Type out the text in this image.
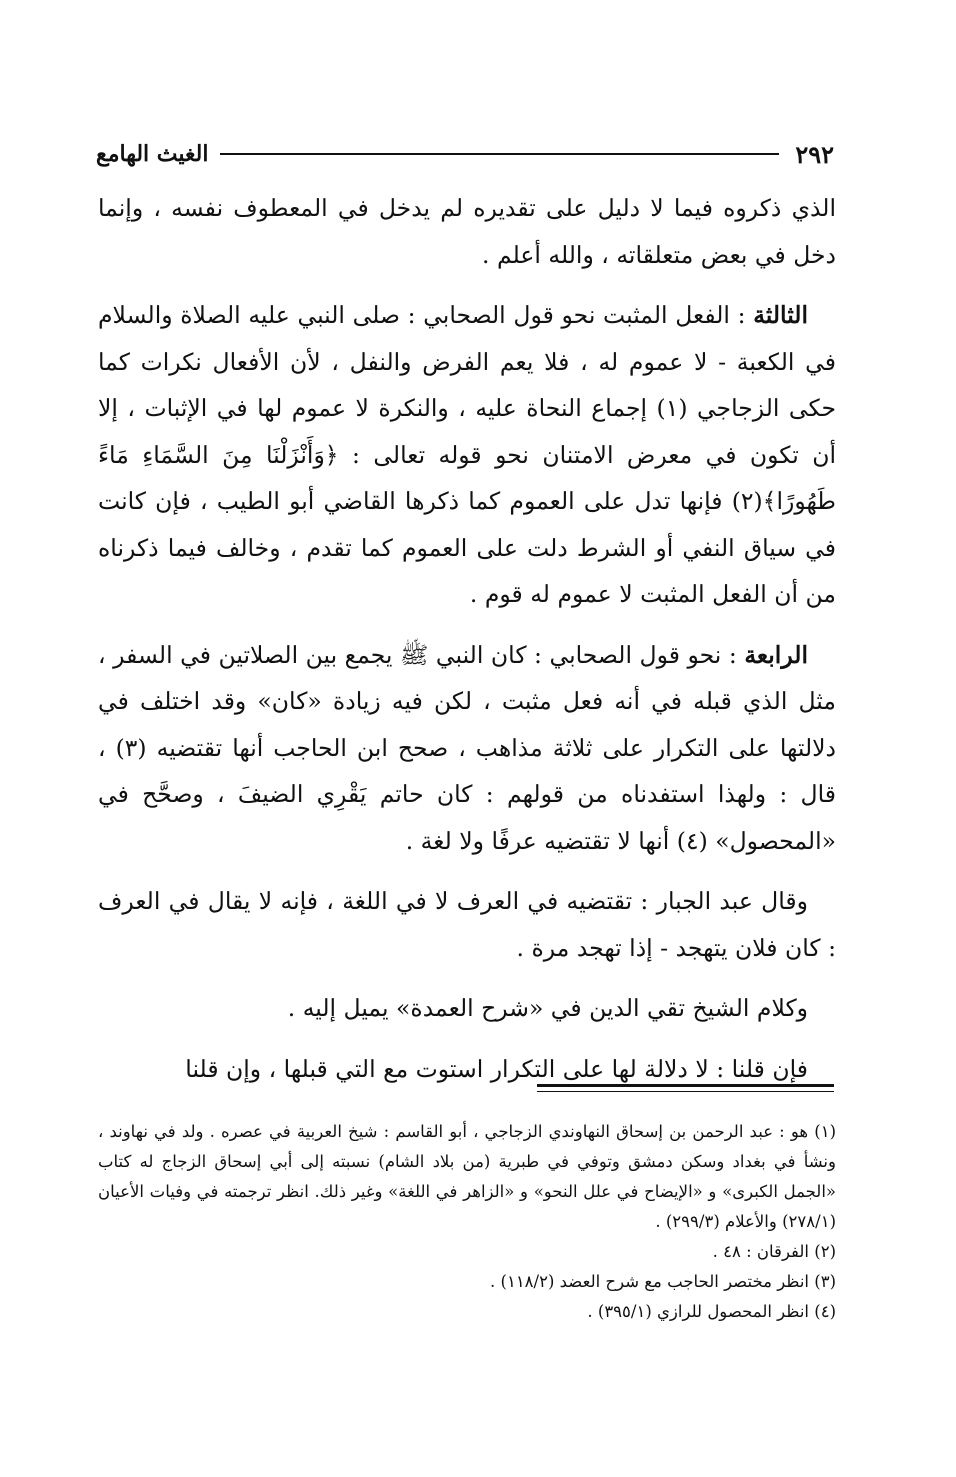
٢٩٢
الغيث الهامع

الذي ذكروه فيما لا دليل على تقديره لم يدخل في المعطوف نفسه ، وإنما دخل في بعض متعلقاته ، والله أعلم .

الثالثة : الفعل المثبت نحو قول الصحابي : صلى النبي عليه الصلاة والسلام في الكعبة - لا عموم له ، فلا يعم الفرض والنفل ، لأن الأفعال نكرات كما حكى الزجاجي (١) إجماع النحاة عليه ، والنكرة لا عموم لها في الإثبات ، إلا أن تكون في معرض الامتنان نحو قوله تعالى : ﴿وَأَنْزَلْنَا مِنَ السَّمَاءِ مَاءً طَهُورًا﴾(٢) فإنها تدل على العموم كما ذكرها القاضي أبو الطيب ، فإن كانت في سياق النفي أو الشرط دلت على العموم كما تقدم ، وخالف فيما ذكرناه من أن الفعل المثبت لا عموم له قوم .

الرابعة : نحو قول الصحابي : كان النبي ﷺ يجمع بين الصلاتين في السفر ، مثل الذي قبله في أنه فعل مثبت ، لكن فيه زيادة «كان» وقد اختلف في دلالتها على التكرار على ثلاثة مذاهب ، صحح ابن الحاجب أنها تقتضيه (٣) ، قال : ولهذا استفدناه من قولهم : كان حاتم يَقْرِي الضيفَ ، وصحَّح في «المحصول» (٤) أنها لا تقتضيه عرفًا ولا لغة .

وقال عبد الجبار : تقتضيه في العرف لا في اللغة ، فإنه لا يقال في العرف : كان فلان يتهجد - إذا تهجد مرة .

وكلام الشيخ تقي الدين في «شرح العمدة» يميل إليه .

فإن قلنا : لا دلالة لها على التكرار استوت مع التي قبلها ، وإن قلنا

(١) هو : عبد الرحمن بن إسحاق النهاوندي الزجاجي ، أبو القاسم : شيخ العربية في عصره . ولد في نهاوند ، ونشأ في بغداد وسكن دمشق وتوفي في طبرية (من بلاد الشام) نسبته إلى أبي إسحاق الزجاج له كتاب «الجمل الكبرى» و «الإيضاح في علل النحو» و «الزاهر في اللغة» وغير ذلك. انظر ترجمته في وفيات الأعيان (٢٧٨/١) والأعلام (٢٩٩/٣) .
(٢) الفرقان : ٤٨ .
(٣) انظر مختصر الحاجب مع شرح العضد (١١٨/٢) .
(٤) انظر المحصول للرازي (٣٩٥/١) .
